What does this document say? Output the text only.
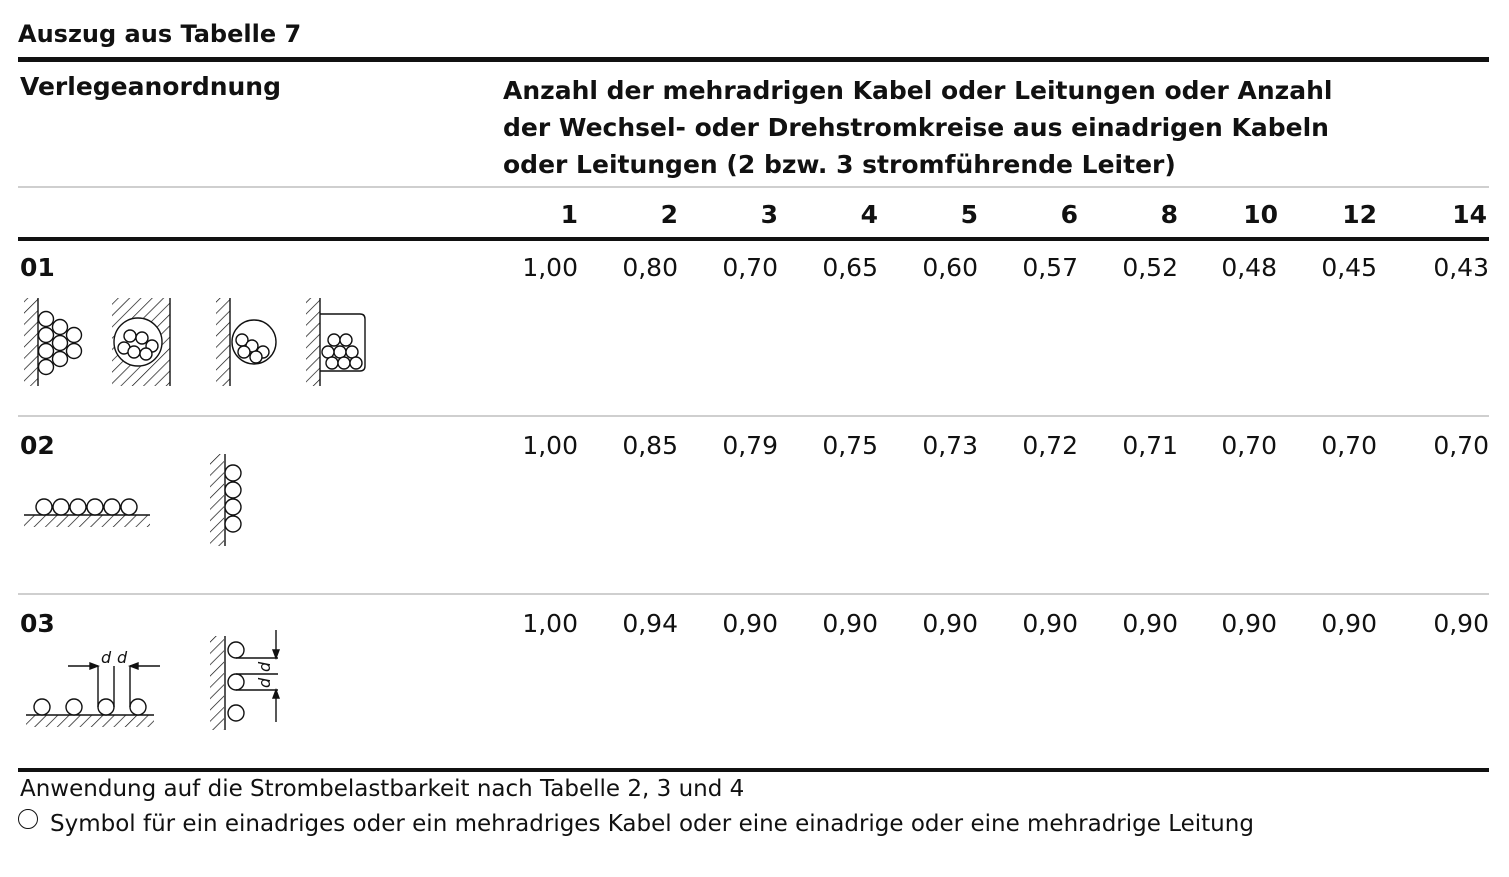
Auszug aus Tabelle 7
Verlegeanordnung	Anzahl der mehradrigen Kabel oder Leitungen oder Anzahl
der Wechsel- oder Drehstromkreise aus einadrigen Kabeln
oder Leitungen (2 bzw. 3 stromführende Leiter)
1	2	3	4	5	6	8	10	12	14
01	1,00	0,80	0,70	0,65	0,60	0,57	0,52	0,48	0,45	0,43
02	1,00	0,85	0,79	0,75	0,73	0,72	0,71	0,70	0,70	0,70
03	1,00	0,94	0,90	0,90	0,90	0,90	0,90	0,90	0,90	0,90
d d	d
d
Anwendung auf die Strombelastbarkeit nach Tabelle 2, 3 und 4
Symbol für ein einadriges oder ein mehradriges Kabel oder eine einadrige oder eine mehradrige Leitung
